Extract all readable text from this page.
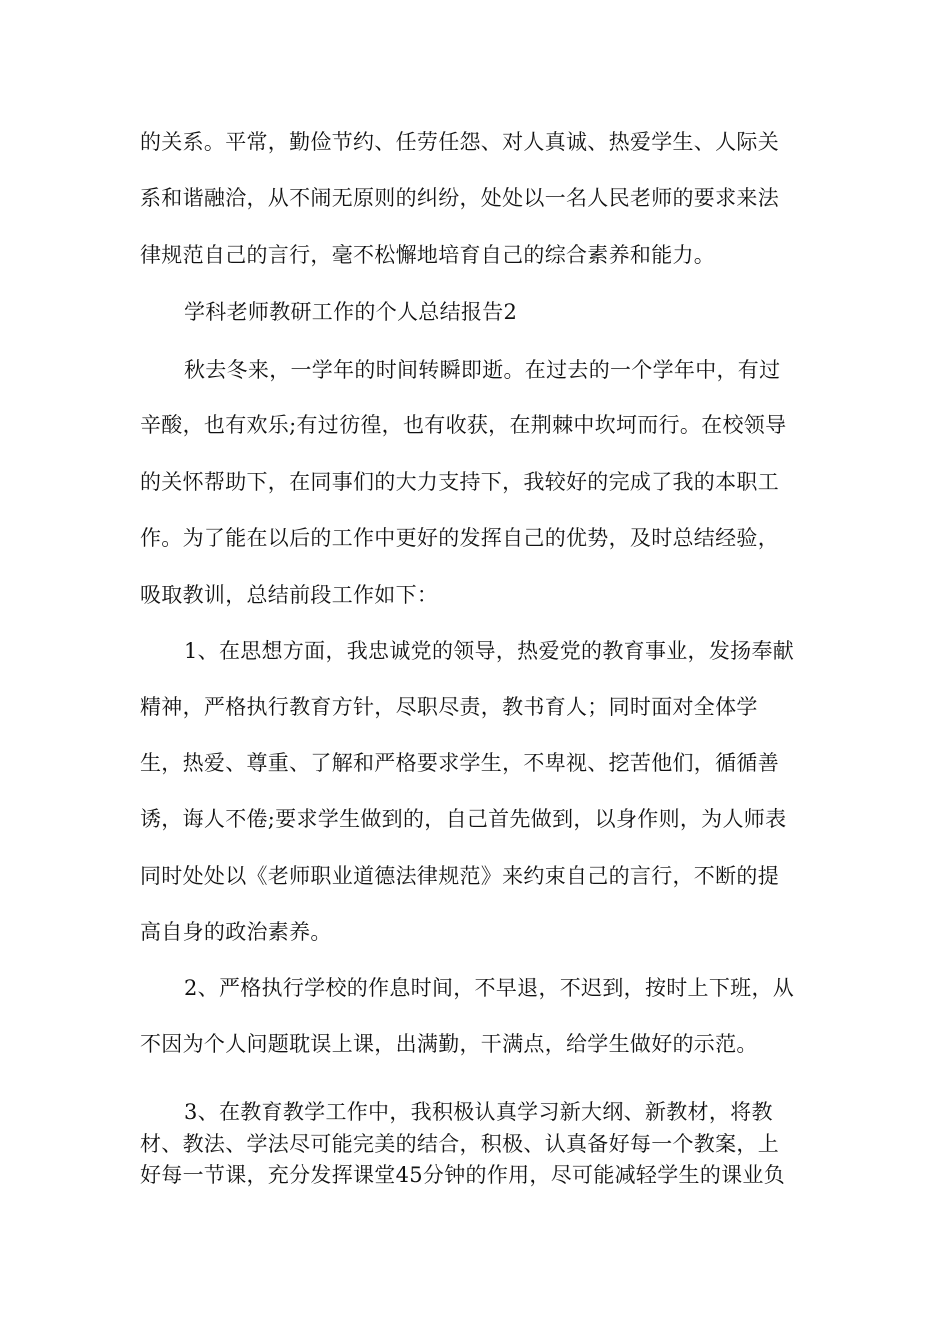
的关系。平常，勤俭节约、任劳任怨、对人真诚、热爱学生、人际关
系和谐融洽，从不闹无原则的纠纷，处处以一名人民老师的要求来法
律规范自己的言行，毫不松懈地培育自己的综合素养和能力。
学科老师教研工作的个人总结报告2
秋去冬来，一学年的时间转瞬即逝。在过去的一个学年中，有过
辛酸，也有欢乐;有过彷徨，也有收获，在荆棘中坎坷而行。在校领导
的关怀帮助下，在同事们的大力支持下，我较好的完成了我的本职工
作。为了能在以后的工作中更好的发挥自己的优势，及时总结经验，
吸取教训，总结前段工作如下：
1、在思想方面，我忠诚党的领导，热爱党的教育事业，发扬奉献
精神，严格执行教育方针，尽职尽责，教书育人；同时面对全体学
生，热爱、尊重、了解和严格要求学生，不卑视、挖苦他们，循循善
诱，诲人不倦;要求学生做到的，自己首先做到，以身作则，为人师表
同时处处以《老师职业道德法律规范》来约束自己的言行，不断的提
高自身的政治素养。
2、严格执行学校的作息时间，不早退，不迟到，按时上下班，从
不因为个人问题耽误上课，出满勤，干满点，给学生做好的示范。
3、在教育教学工作中，我积极认真学习新大纲、新教材，将教
材、教法、学法尽可能完美的结合，积极、认真备好每一个教案，上
好每一节课，充分发挥课堂45分钟的作用，尽可能减轻学生的课业负
